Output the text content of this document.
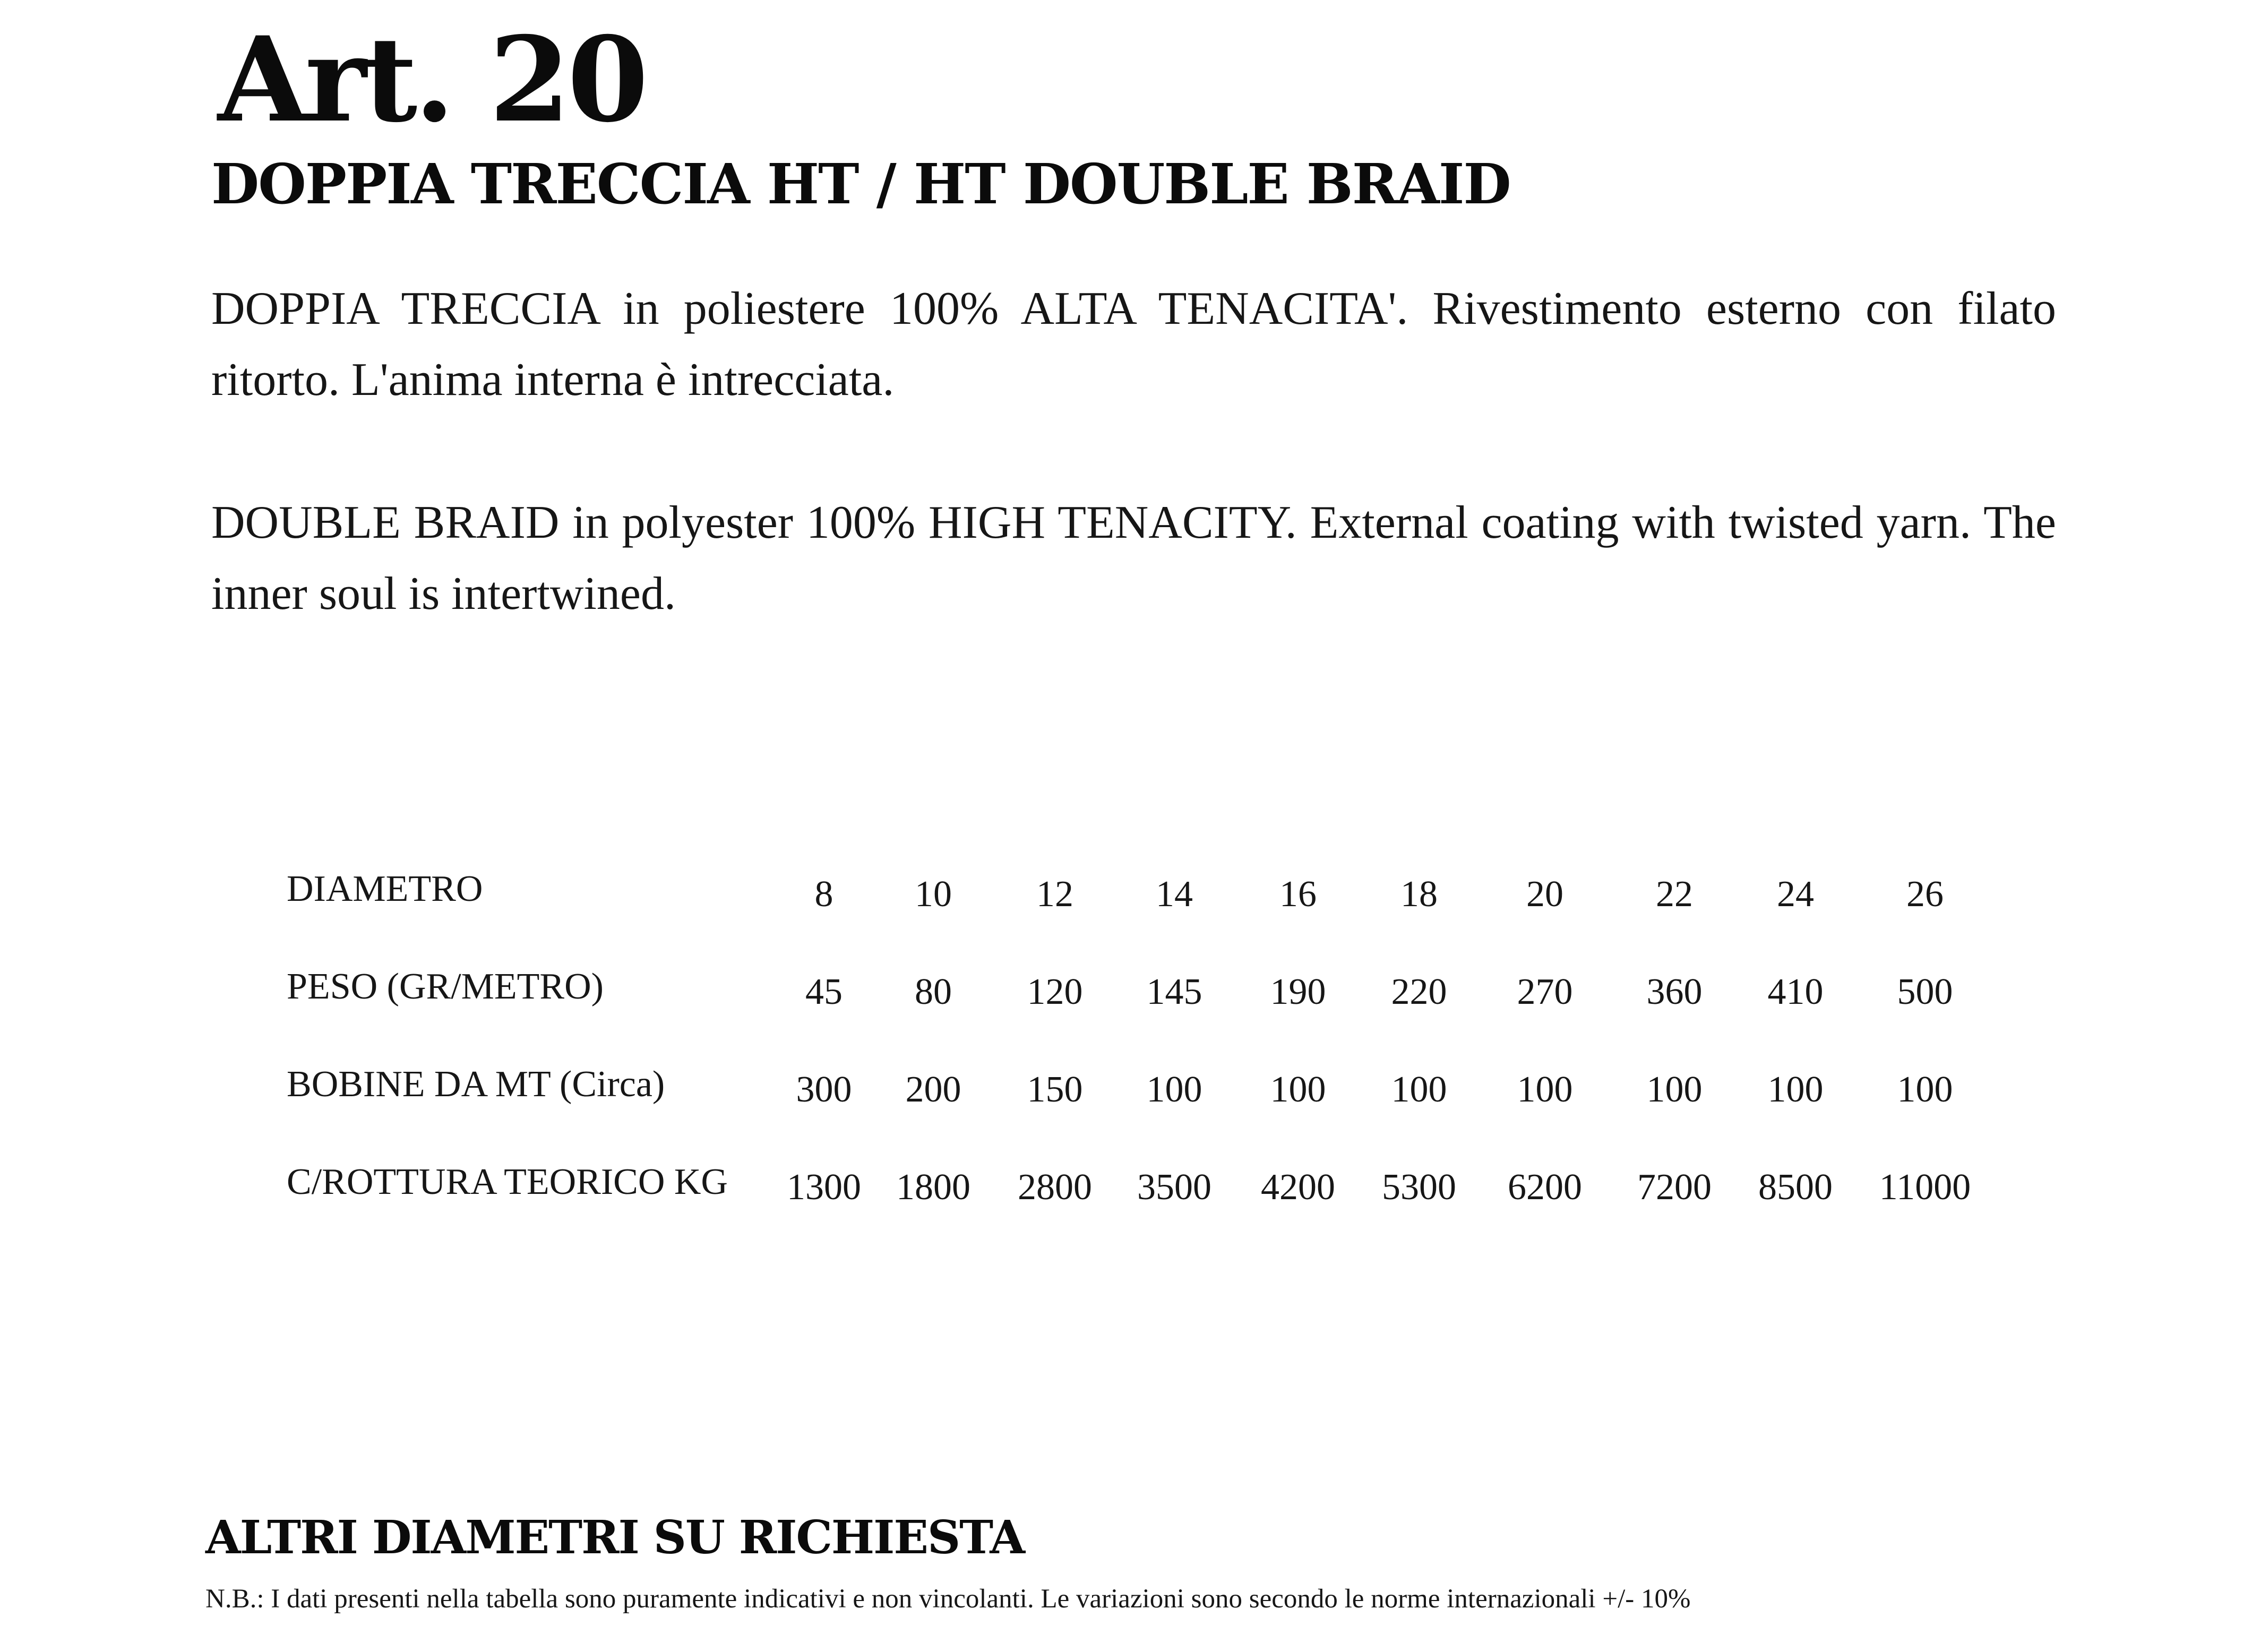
Art. 20
DOPPIA TRECCIA HT / HT DOUBLE BRAID

DOPPIA TRECCIA in poliestere 100% ALTA TENACITA'. Rivestimento esterno con filato ritorto. L'anima interna è intrecciata.

DOUBLE BRAID in polyester 100% HIGH TENACITY. External coating with twisted yarn. The inner soul is intertwined.

DIAMETRO	8 10 12 14 16 18 20 22 24 26
PESO (GR/METRO)	45 80 120 145 190 220 270 360 410 500
BOBINE DA MT (Circa)	300 200 150 100 100 100 100 100 100 100
C/ROTTURA TEORICO KG 1300 1800 2800 3500 4200 5300 6200 7200 8500 11000
ALTRI DIAMETRI SU RICHIESTA

N.B.: I dati presenti nella tabella sono puramente indicativi e non vincolanti. Le variazioni sono secondo le norme internazionali +/- 10%
